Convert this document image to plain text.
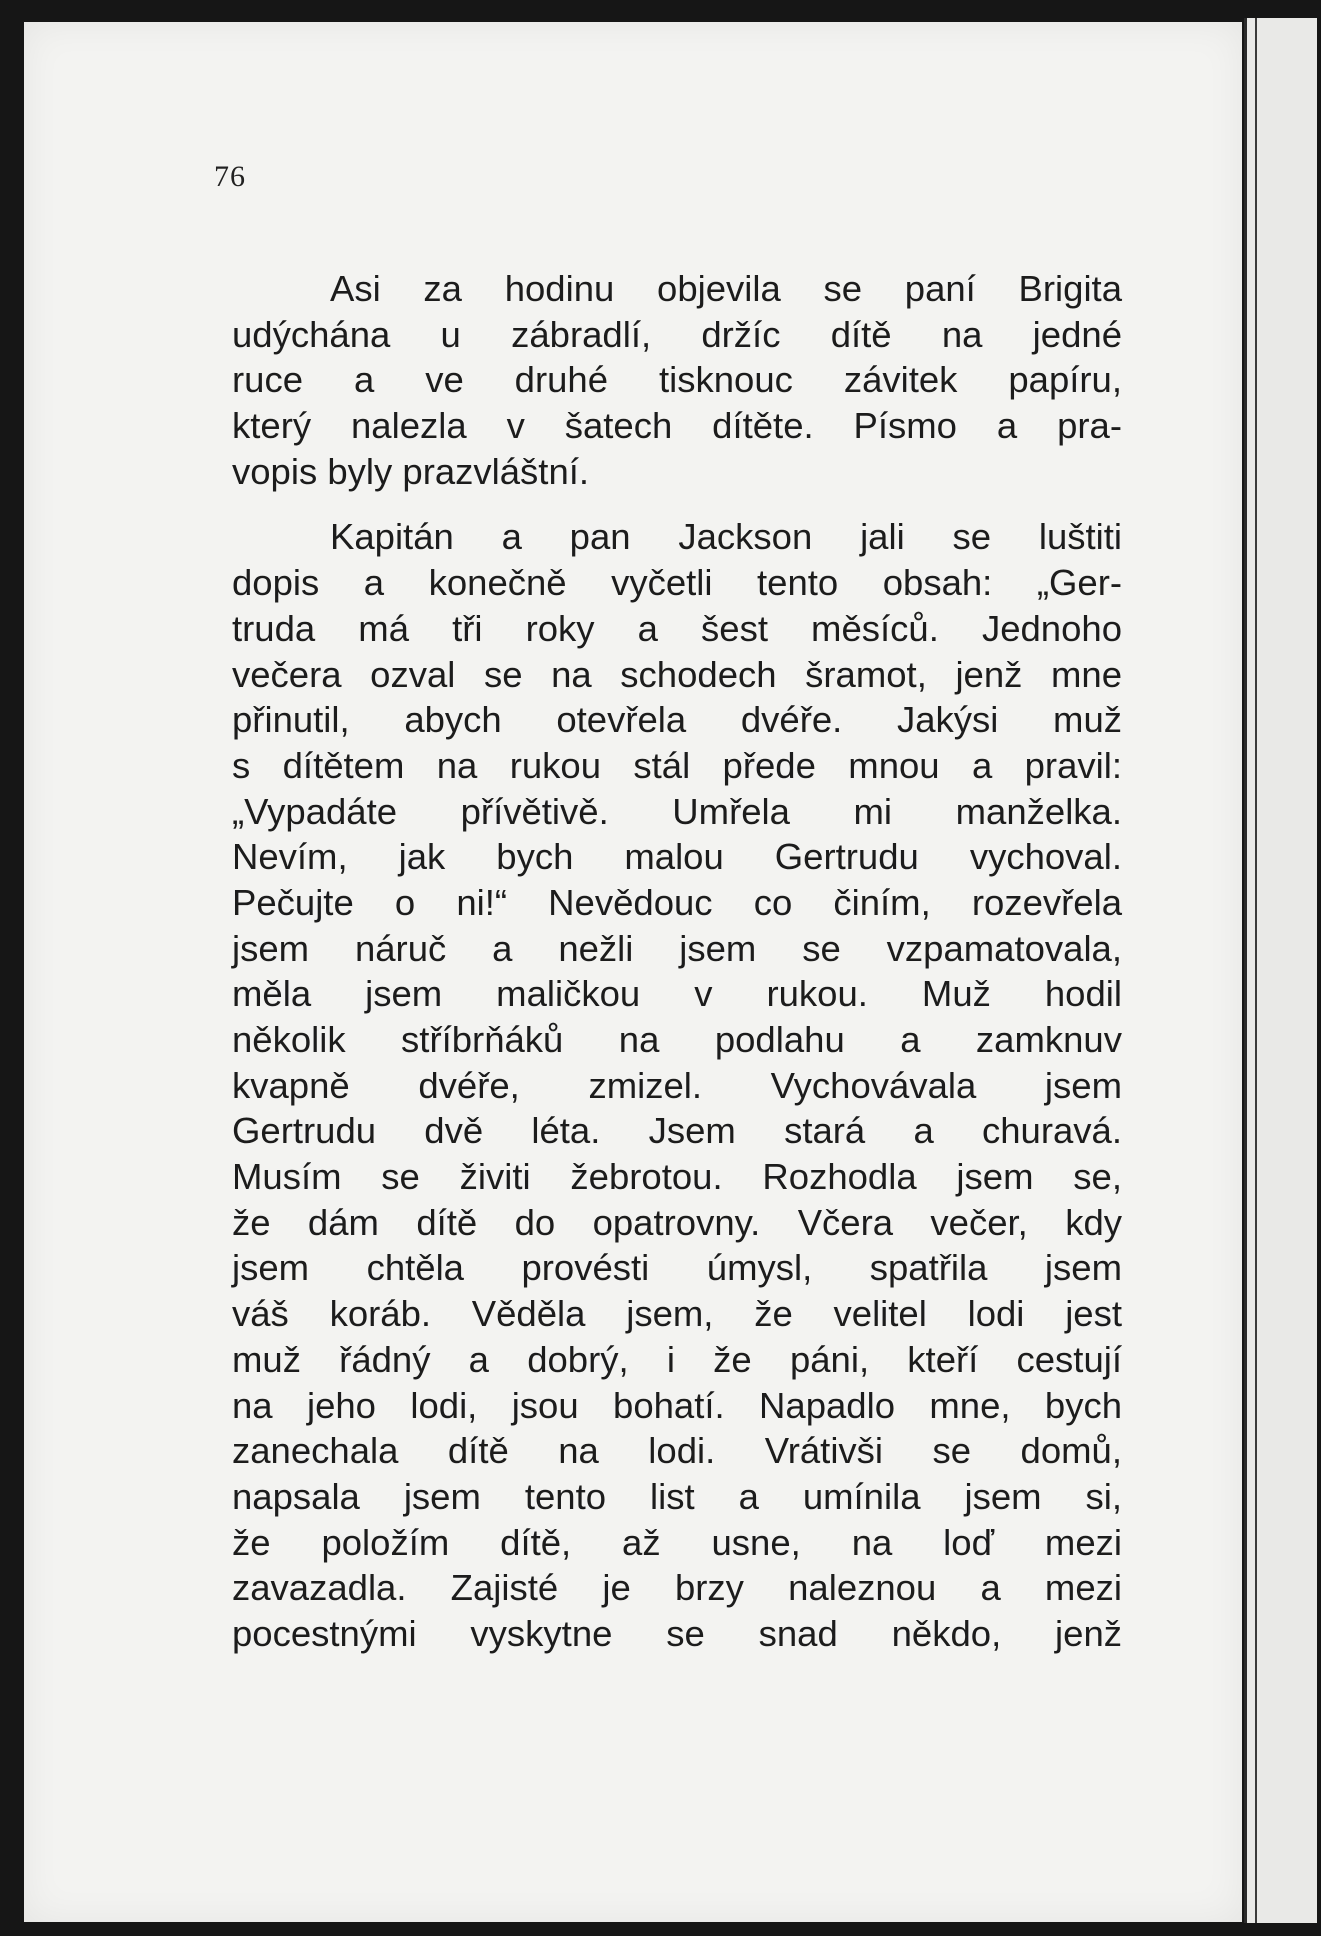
76
Asi za hodinu objevila se paní Brigita
udýchána u zábradlí, držíc dítě na jedné
ruce a ve druhé tisknouc závitek papíru,
který nalezla v šatech dítěte. Písmo a pra-
vopis byly prazvláštní.
Kapitán a pan Jackson jali se luštiti
dopis a konečně vyčetli tento obsah: „Ger-
truda má tři roky a šest měsíců. Jednoho
večera ozval se na schodech šramot, jenž mne
přinutil, abych otevřela dvéře. Jakýsi muž
s dítětem na rukou stál přede mnou a pravil:
„Vypadáte přívětivě. Umřela mi manželka.
Nevím, jak bych malou Gertrudu vychoval.
Pečujte o ni!“ Nevědouc co činím, rozevřela
jsem náruč a nežli jsem se vzpamatovala,
měla jsem maličkou v rukou. Muž hodil
několik stříbrňáků na podlahu a zamknuv
kvapně dvéře, zmizel. Vychovávala jsem
Gertrudu dvě léta. Jsem stará a churavá.
Musím se živiti žebrotou. Rozhodla jsem se,
že dám dítě do opatrovny. Včera večer, kdy
jsem chtěla provésti úmysl, spatřila jsem
váš koráb. Věděla jsem, že velitel lodi jest
muž řádný a dobrý, i že páni, kteří cestují
na jeho lodi, jsou bohatí. Napadlo mne, bych
zanechala dítě na lodi. Vrátivši se domů,
napsala jsem tento list a umínila jsem si,
že položím dítě, až usne, na loď mezi
zavazadla. Zajisté je brzy naleznou a mezi
pocestnými vyskytne se snad někdo, jenž
